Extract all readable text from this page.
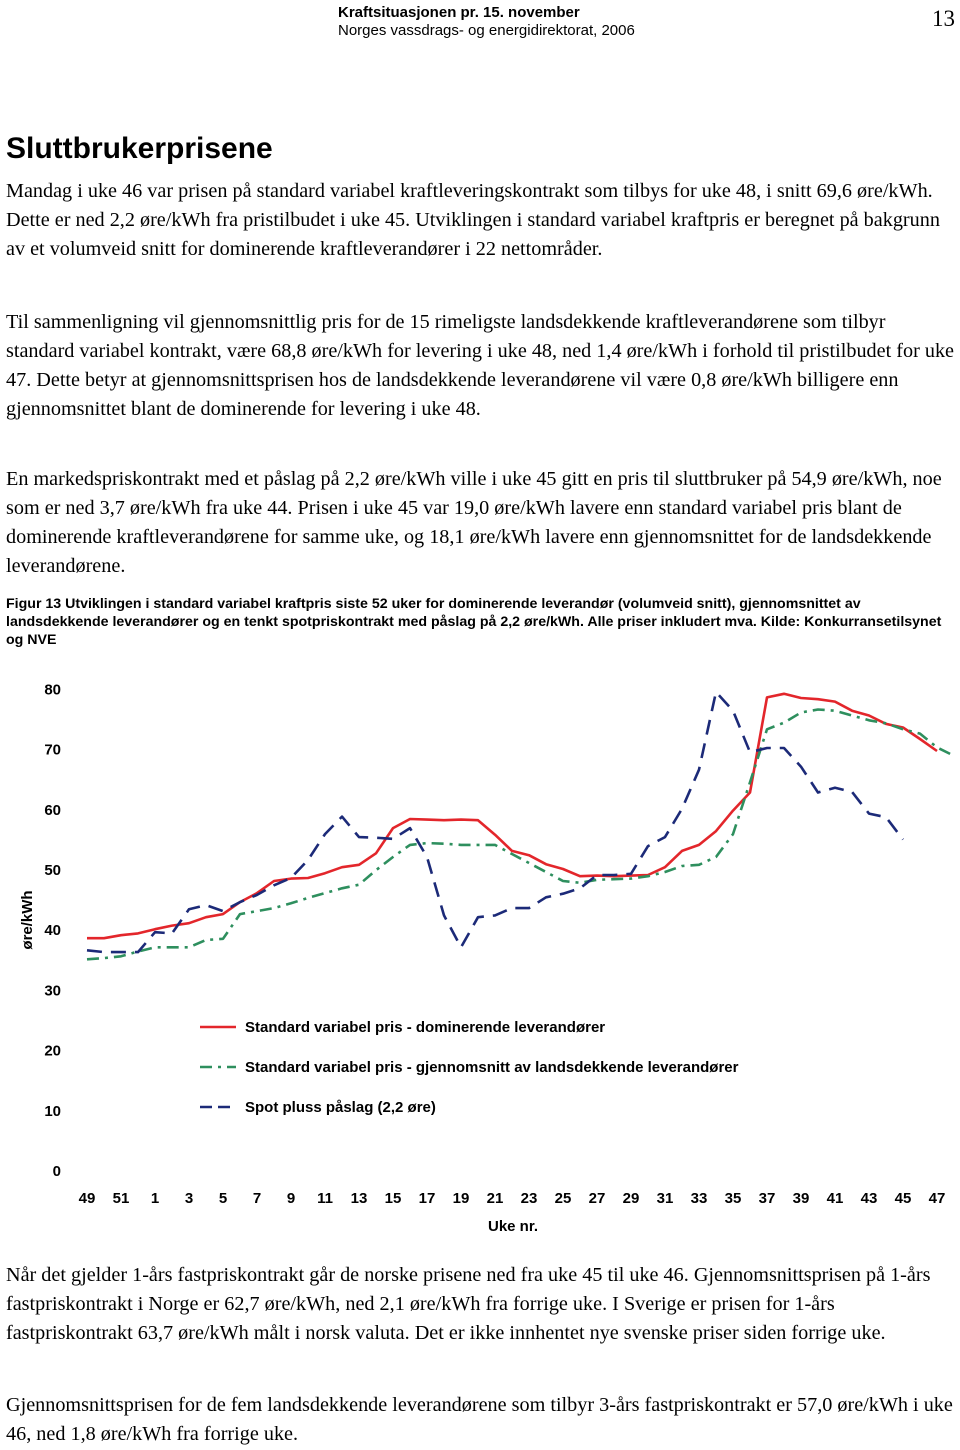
Kraftsituasjonen pr. 15. november
Norges vassdrags- og energidirektorat, 2006	13
Sluttbrukerprisene

Mandag i uke 46 var prisen på standard variabel kraftleveringskontrakt som tilbys for uke 48, i snitt 69,6 øre/kWh. Dette er ned 2,2 øre/kWh fra pristilbudet i uke 45. Utviklingen i standard variabel kraftpris er beregnet på bakgrunn av et volumveid snitt for dominerende kraftleverandører i 22 nettområder.

Til sammenligning vil gjennomsnittlig pris for de 15 rimeligste landsdekkende kraftleverandørene som tilbyr standard variabel kontrakt, være 68,8 øre/kWh for levering i uke 48, ned 1,4 øre/kWh i forhold til pristilbudet for uke 47. Dette betyr at gjennomsnittsprisen hos de landsdekkende leverandørene vil være 0,8 øre/kWh billigere enn gjennomsnittet blant de dominerende for levering i uke 48.

En markedspriskontrakt med et påslag på 2,2 øre/kWh ville i uke 45 gitt en pris til sluttbruker på 54,9 øre/kWh, noe som er ned 3,7 øre/kWh fra uke 44. Prisen i uke 45 var 19,0 øre/kWh lavere enn standard variabel pris blant de dominerende kraftleverandørene for samme uke, og 18,1 øre/kWh lavere enn gjennomsnittet for de landsdekkende leverandørene.

Figur 13 Utviklingen i standard variabel kraftpris siste 52 uker for dominerende leverandør (volumveid snitt), gjennomsnittet av landsdekkende leverandører og en tenkt spotpriskontrakt med påslag på 2,2 øre/kWh. Alle priser inkludert mva. Kilde: Konkurransetilsynet og NVE

øre/kWh
Uke nr.
0
10
20
30
40
50
60
70
80
49 51 1 3 5 7 9 11 13 15 17 19 21 23 25 27 29 31 33 35 37 39 41 43 45 47
Standard variabel pris - dominerende leverandører
Standard variabel pris - gjennomsnitt av landsdekkende leverandører
Spot pluss påslag (2,2 øre)

Når det gjelder 1-års fastpriskontrakt går de norske prisene ned fra uke 45 til uke 46. Gjennomsnittsprisen på 1-års fastpriskontrakt i Norge er 62,7 øre/kWh, ned 2,1 øre/kWh fra forrige uke. I Sverige er prisen for 1-års fastpriskontrakt 63,7 øre/kWh målt i norsk valuta. Det er ikke innhentet nye svenske priser siden forrige uke.

Gjennomsnittsprisen for de fem landsdekkende leverandørene som tilbyr 3-års fastpriskontrakt er 57,0 øre/kWh i uke 46, ned 1,8 øre/kWh fra forrige uke.
